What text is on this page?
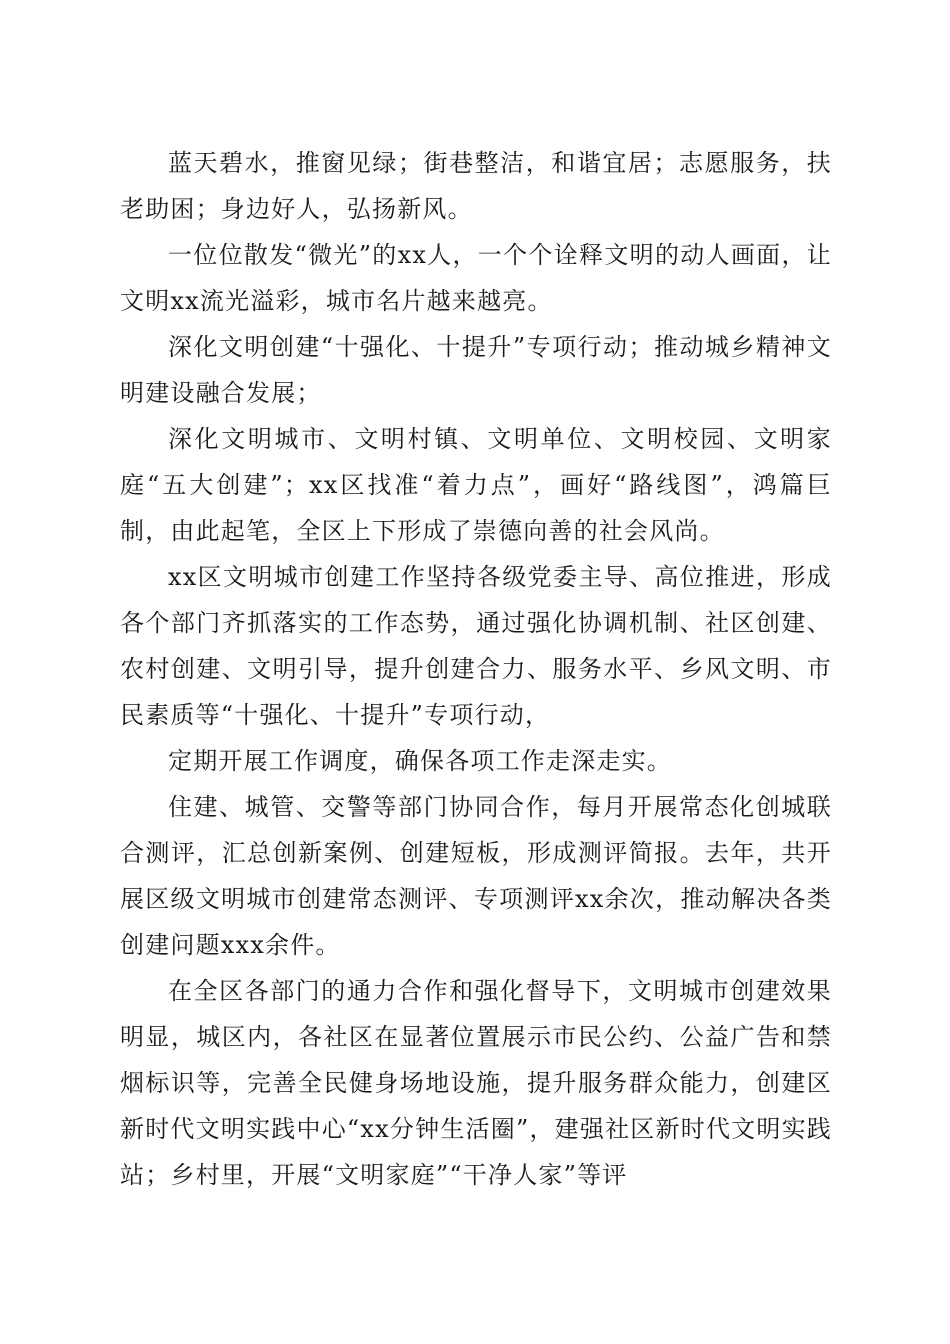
蓝天碧水，推窗见绿；街巷整洁，和谐宜居；志愿服务，扶老助困；身边好人，弘扬新风。

一位位散发“微光”的xx人，一个个诠释文明的动人画面，让文明xx流光溢彩，城市名片越来越亮。

深化文明创建“十强化、十提升”专项行动；推动城乡精神文明建设融合发展；

深化文明城市、文明村镇、文明单位、文明校园、文明家庭“五大创建”；xx区找准“着力点”，画好“路线图”，鸿篇巨制，由此起笔，全区上下形成了崇德向善的社会风尚。

xx区文明城市创建工作坚持各级党委主导、高位推进，形成各个部门齐抓落实的工作态势，通过强化协调机制、社区创建、农村创建、文明引导，提升创建合力、服务水平、乡风文明、市民素质等“十强化、十提升”专项行动，

定期开展工作调度，确保各项工作走深走实。

住建、城管、交警等部门协同合作，每月开展常态化创城联合测评，汇总创新案例、创建短板，形成测评简报。去年，共开展区级文明城市创建常态测评、专项测评xx余次，推动解决各类创建问题xxx余件。

在全区各部门的通力合作和强化督导下，文明城市创建效果明显，城区内，各社区在显著位置展示市民公约、公益广告和禁烟标识等，完善全民健身场地设施，提升服务群众能力，创建区新时代文明实践中心“xx分钟生活圈”，建强社区新时代文明实践站；乡村里，开展“文明家庭”“干净人家”等评
